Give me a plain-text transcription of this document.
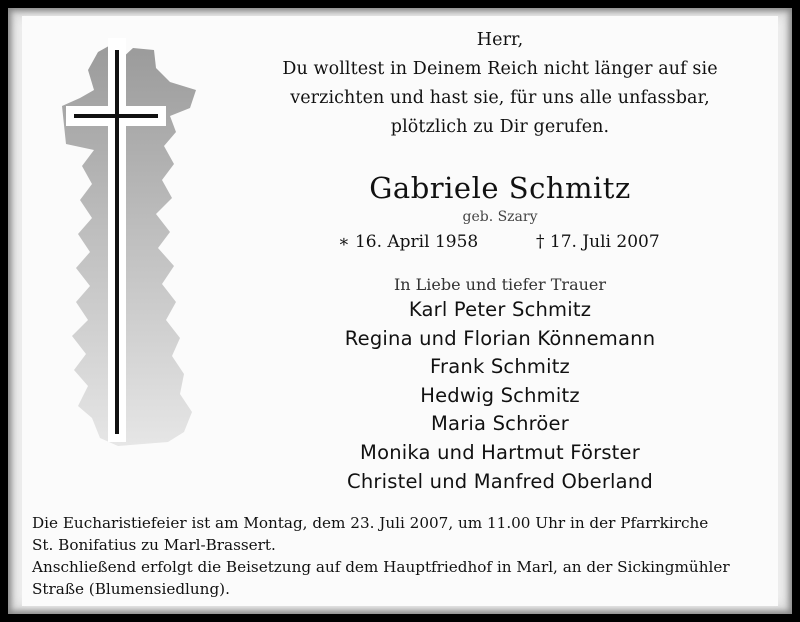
Herr,
Du wolltest in Deinem Reich nicht länger auf sie
verzichten und hast sie, für uns alle unfassbar,
plötzlich zu Dir gerufen.
Gabriele Schmitz
geb. Szary
∗ 16. April 1958	† 17. Juli 2007
In Liebe und tiefer Trauer
Karl Peter Schmitz
Regina und Florian Könnemann
Frank Schmitz
Hedwig Schmitz
Maria Schröer
Monika und Hartmut Förster
Christel und Manfred Oberland
Die Eucharistiefeier ist am Montag, dem 23. Juli 2007, um 11.00 Uhr in der Pfarrkirche
St. Bonifatius zu Marl-Brassert.
Anschließend erfolgt die Beisetzung auf dem Hauptfriedhof in Marl, an der Sickingmühler
Straße (Blumensiedlung).
